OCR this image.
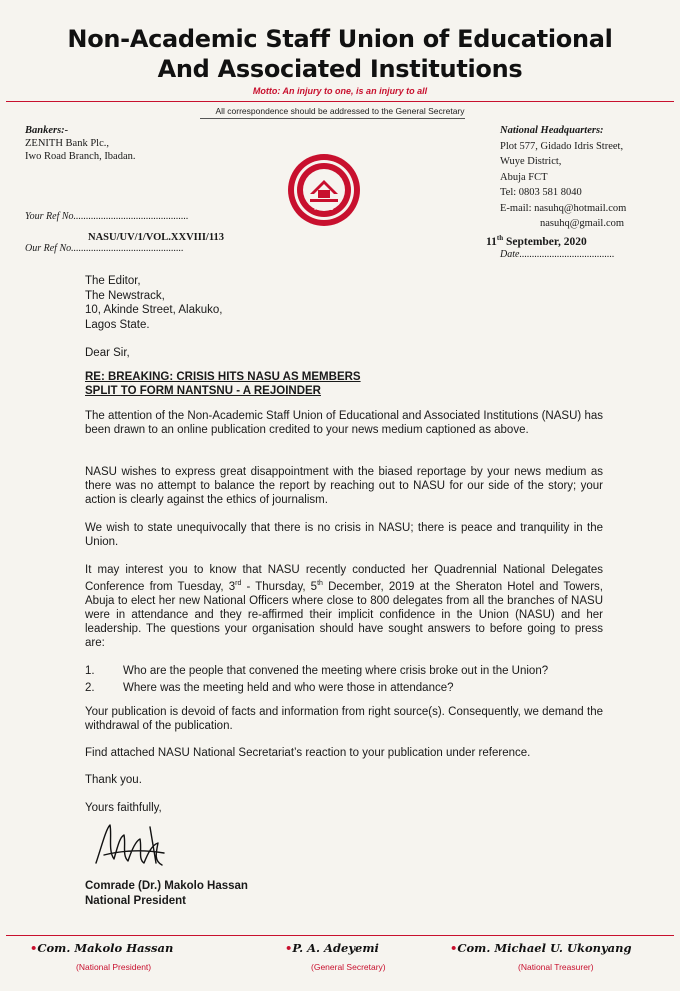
Non-Academic Staff Union of Educational
And Associated Institutions
Motto: An injury to one, is an injury to all
All correspondence should be addressed to the General Secretary
Bankers:-
ZENITH Bank Plc.,
Iwo Road Branch, Ibadan.
NASU
National Headquarters:
Plot 577, Gidado Idris Street,
Wuye District,
Abuja FCT
Tel: 0803 581 8040
E-mail: nasuhq@hotmail.com
nasuhq@gmail.com
Your Ref No..............................................
NASU/UV/1/VOL.XXVIII/113
Our Ref No.............................................
11th September, 2020
Date......................................
The Editor,
The Newstrack,
10, Akinde Street, Alakuko,
Lagos State.
Dear Sir,
RE: BREAKING: CRISIS HITS NASU AS MEMBERS
SPLIT TO FORM NANTSNU - A REJOINDER
The attention of the Non-Academic Staff Union of Educational and Associated Institutions (NASU) has been drawn to an online publication credited to your news medium captioned as above.
NASU wishes to express great disappointment with the biased reportage by your news medium as there was no attempt to balance the report by reaching out to NASU for our side of the story; your action is clearly against the ethics of journalism.
We wish to state unequivocally that there is no crisis in NASU; there is peace and tranquility in the Union.
It may interest you to know that NASU recently conducted her Quadrennial National Delegates Conference from Tuesday, 3rd - Thursday, 5th December, 2019 at the Sheraton Hotel and Towers, Abuja to elect her new National Officers where close to 800 delegates from all the branches of NASU were in attendance and they re-affirmed their implicit confidence in the Union (NASU) and her leadership. The questions your organisation should have sought answers to before going to press are:
1. Who are the people that convened the meeting where crisis broke out in the Union?
2. Where was the meeting held and who were those in attendance?
Your publication is devoid of facts and information from right source(s). Consequently, we demand the withdrawal of the publication.
Find attached NASU National Secretariat’s reaction to your publication under reference.
Thank you.
Yours faithfully,
Comrade (Dr.) Makolo Hassan
National President
•Com. Makolo Hassan
(National President)
•P. A. Adeyemi
(General Secretary)
•Com. Michael U. Ukonyang
(National Treasurer)
